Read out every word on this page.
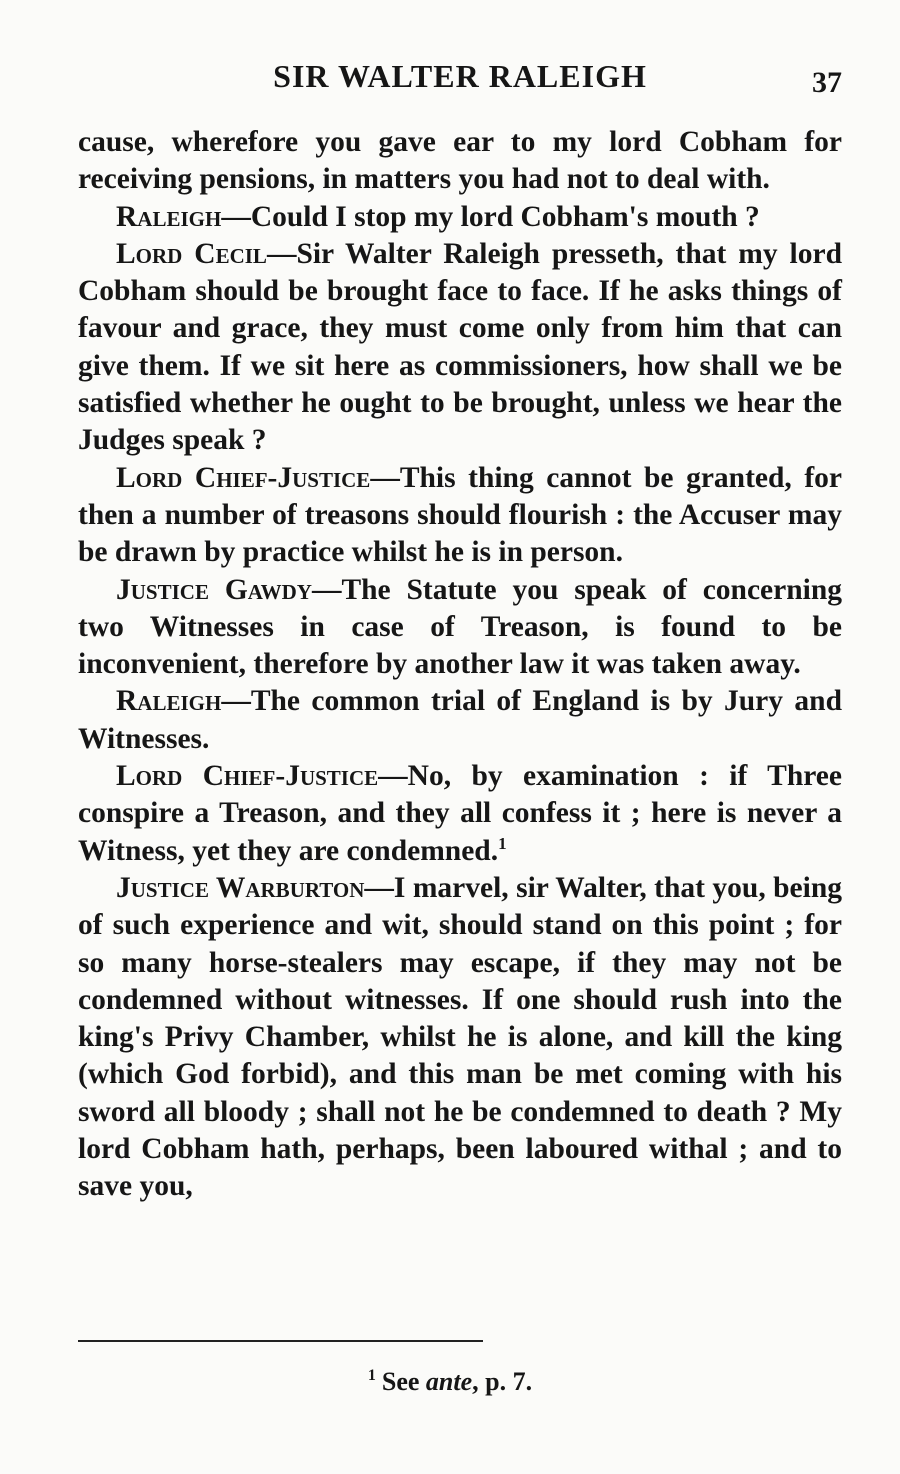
SIR WALTER RALEIGH	37

cause, wherefore you gave ear to my lord Cobham for receiving pensions, in matters you had not to deal with.

Raleigh—Could I stop my lord Cobham's mouth ?

Lord Cecil—Sir Walter Raleigh presseth, that my lord Cobham should be brought face to face. If he asks things of favour and grace, they must come only from him that can give them. If we sit here as commissioners, how shall we be satisfied whether he ought to be brought, unless we hear the Judges speak ?

Lord Chief-Justice—This thing cannot be granted, for then a number of treasons should flourish : the Accuser may be drawn by practice whilst he is in person.

Justice Gawdy—The Statute you speak of concerning two Witnesses in case of Treason, is found to be inconvenient, therefore by another law it was taken away.

Raleigh—The common trial of England is by Jury and Witnesses.

Lord Chief-Justice—No, by examination : if Three conspire a Treason, and they all confess it ; here is never a Witness, yet they are condemned.$^1$

Justice Warburton—I marvel, sir Walter, that you, being of such experience and wit, should stand on this point ; for so many horse-stealers may escape, if they may not be condemned without witnesses. If one should rush into the king's Privy Chamber, whilst he is alone, and kill the king (which God forbid), and this man be met coming with his sword all bloody ; shall not he be condemned to death ? My lord Cobham hath, perhaps, been laboured withal ; and to save you,

$^1$ See ante, p. 7.
